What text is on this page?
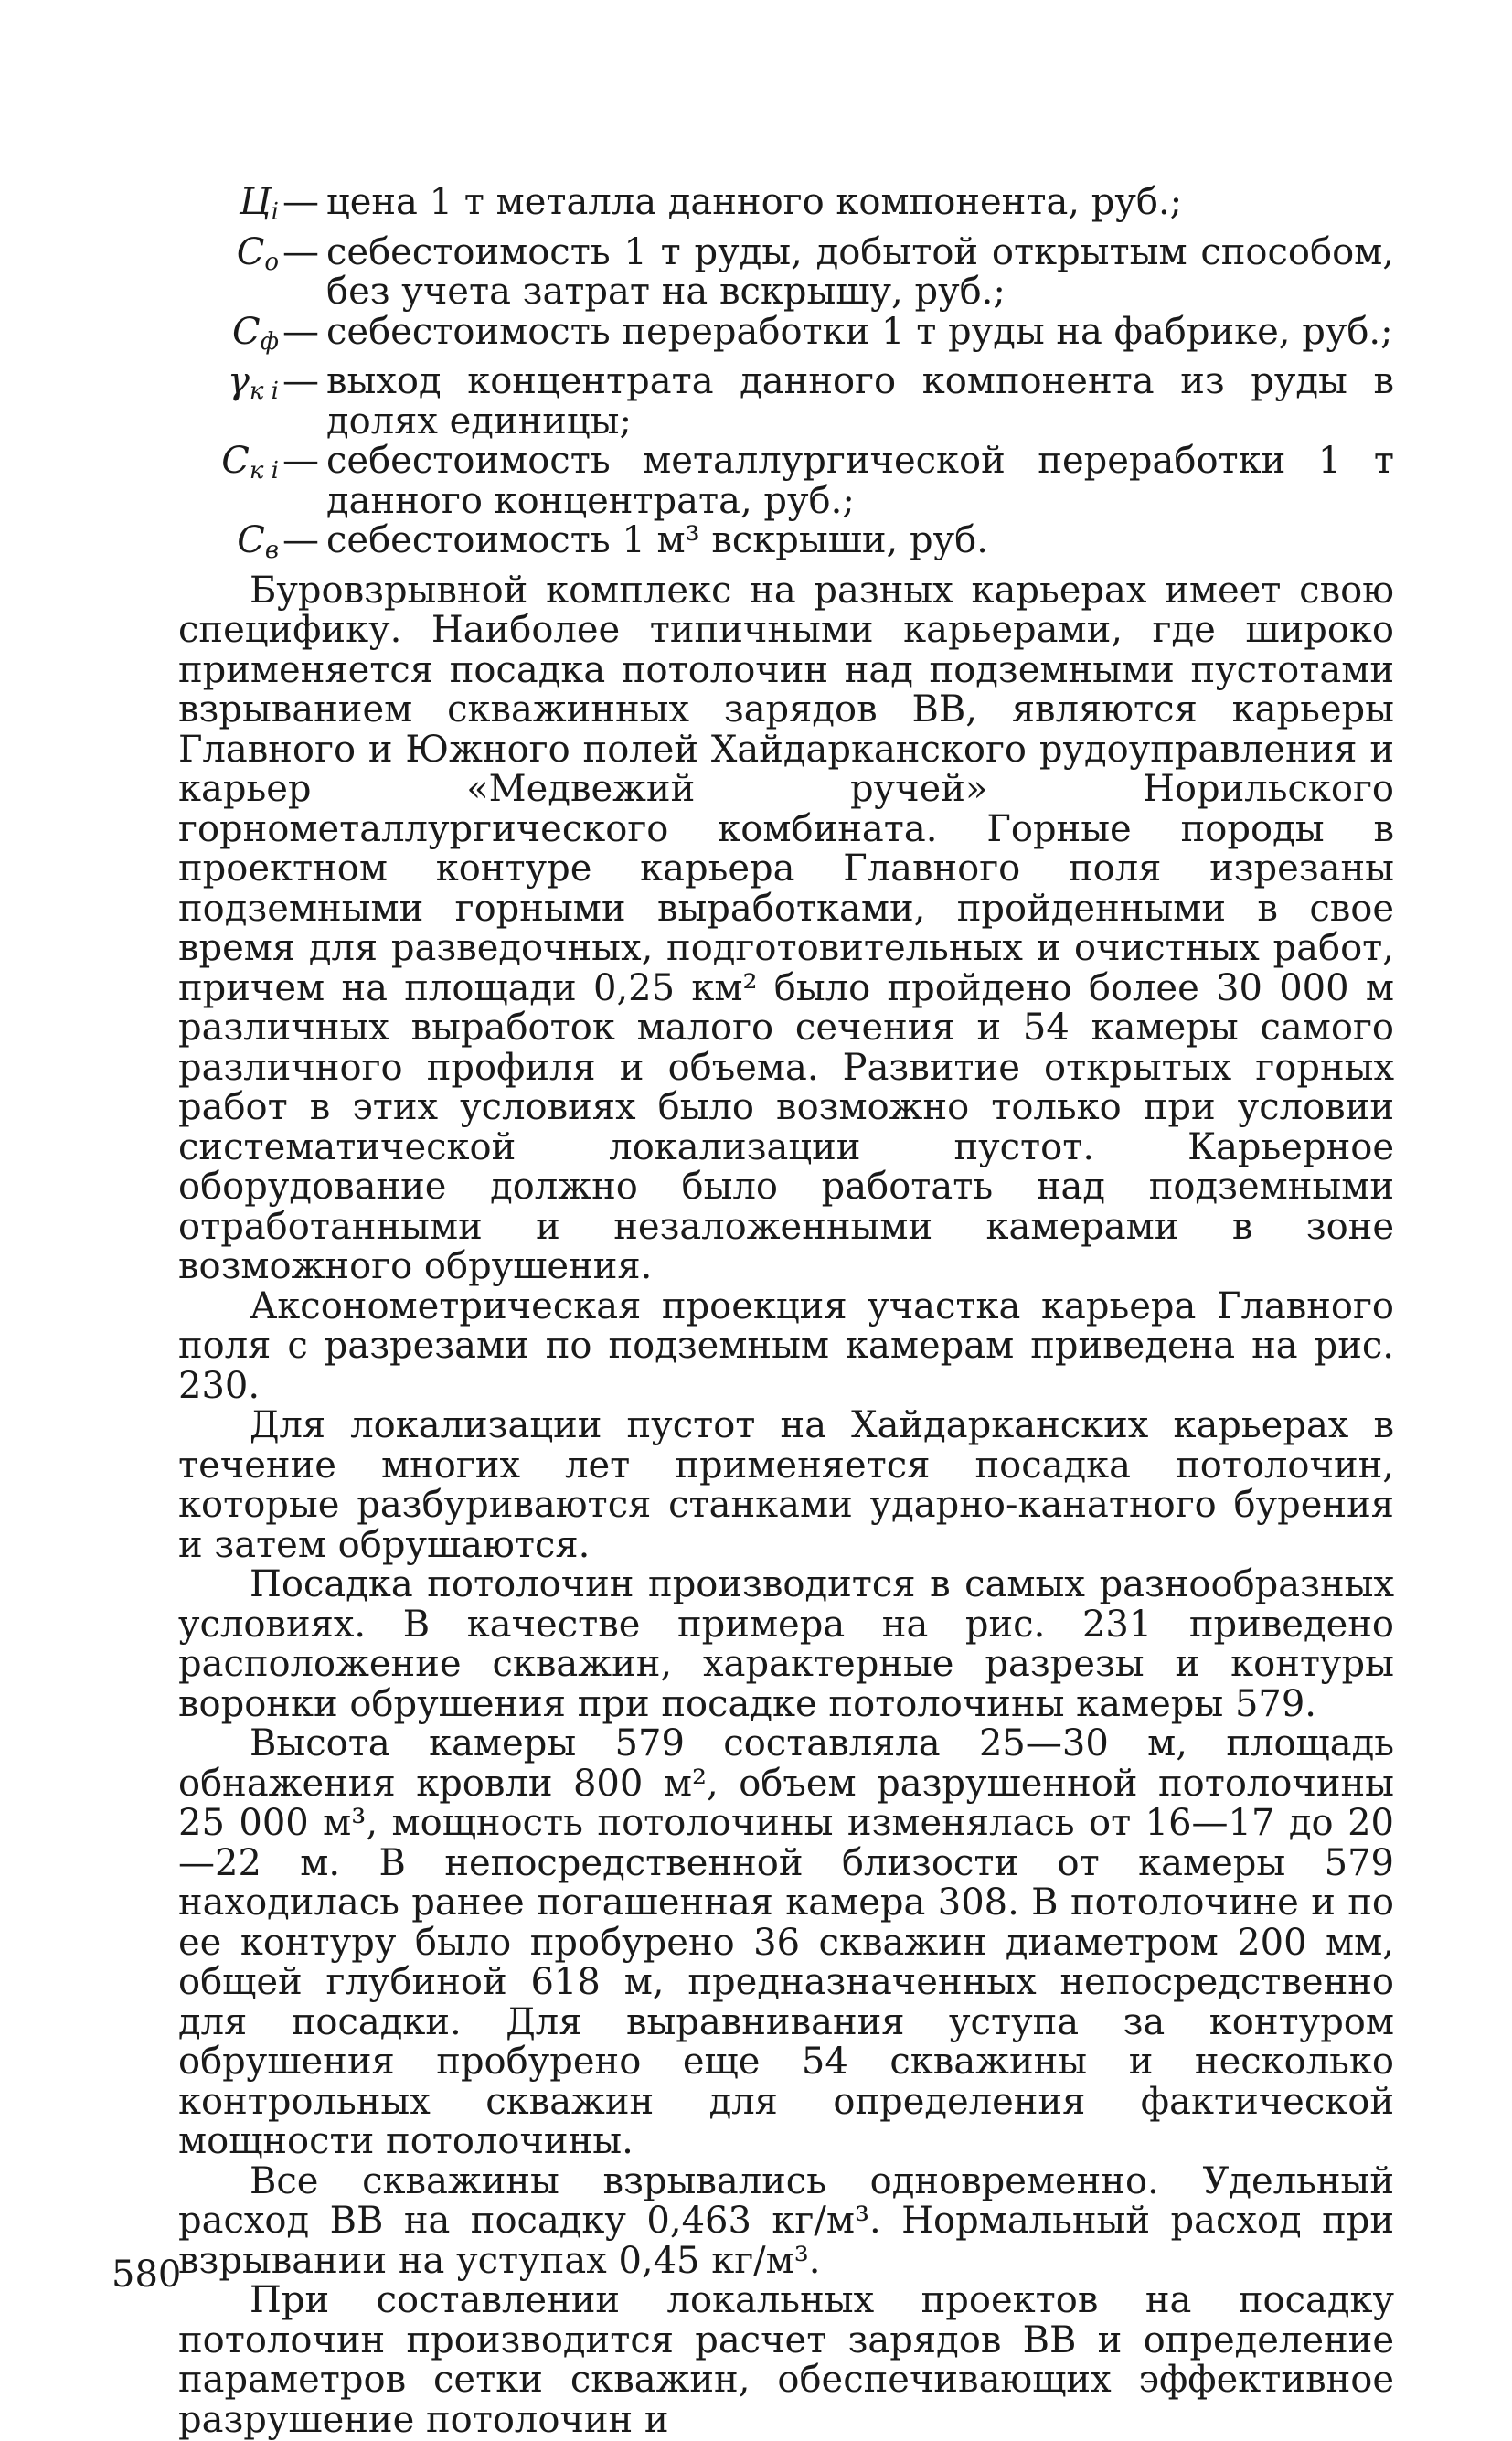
$Ц_i$ — цена 1 т металла данного компонента, руб.;
$С_о$ — себестоимость 1 т руды, добытой открытым способом, без учета затрат на вскрышу, руб.;
$С_ф$ — себестоимость переработки 1 т руды на фабрике, руб.;
$\gamma_{к i}$ — выход концентрата данного компонента из руды в долях единицы;
$С_{к i}$ — себестоимость металлургической переработки 1 т данного концентрата, руб.;
$С_в$ — себестоимость 1 м³ вскрыши, руб.

Буровзрывной комплекс на разных карьерах имеет свою специфику. Наиболее типичными карьерами, где широко применяется посадка потолочин над подземными пустотами взрыванием скважинных зарядов ВВ, являются карьеры Главного и Южного полей Хайдарканского рудоуправления и карьер «Медвежий ручей» Норильского горнометаллургического комбината. Горные породы в проектном контуре карьера Главного поля изрезаны подземными горными выработками, пройденными в свое время для разведочных, подготовительных и очистных работ, причем на площади 0,25 км² было пройдено более 30 000 м различных выработок малого сечения и 54 камеры самого различного профиля и объема. Развитие открытых горных работ в этих условиях было возможно только при условии систематической локализации пустот. Карьерное оборудование должно было работать над подземными отработанными и незаложенными камерами в зоне возможного обрушения.

Аксонометрическая проекция участка карьера Главного поля с разрезами по подземным камерам приведена на рис. 230.

Для локализации пустот на Хайдарканских карьерах в течение многих лет применяется посадка потолочин, которые разбуриваются станками ударно-канатного бурения и затем обрушаются.

Посадка потолочин производится в самых разнообразных условиях. В качестве примера на рис. 231 приведено расположение скважин, характерные разрезы и контуры воронки обрушения при посадке потолочины камеры 579.

Высота камеры 579 составляла 25—30 м, площадь обнажения кровли 800 м², объем разрушенной потолочины 25 000 м³, мощность потолочины изменялась от 16—17 до 20—22 м. В непосредственной близости от камеры 579 находилась ранее погашенная камера 308. В потолочине и по ее контуру было пробурено 36 скважин диаметром 200 мм, общей глубиной 618 м, предназначенных непосредственно для посадки. Для выравнивания уступа за контуром обрушения пробурено еще 54 скважины и несколько контрольных скважин для определения фактической мощности потолочины.

Все скважины взрывались одновременно. Удельный расход ВВ на посадку 0,463 кг/м³. Нормальный расход при взрывании на уступах 0,45 кг/м³.

При составлении локальных проектов на посадку потолочин производится расчет зарядов ВВ и определение параметров сетки скважин, обеспечивающих эффективное разрушение потолочин и

580
